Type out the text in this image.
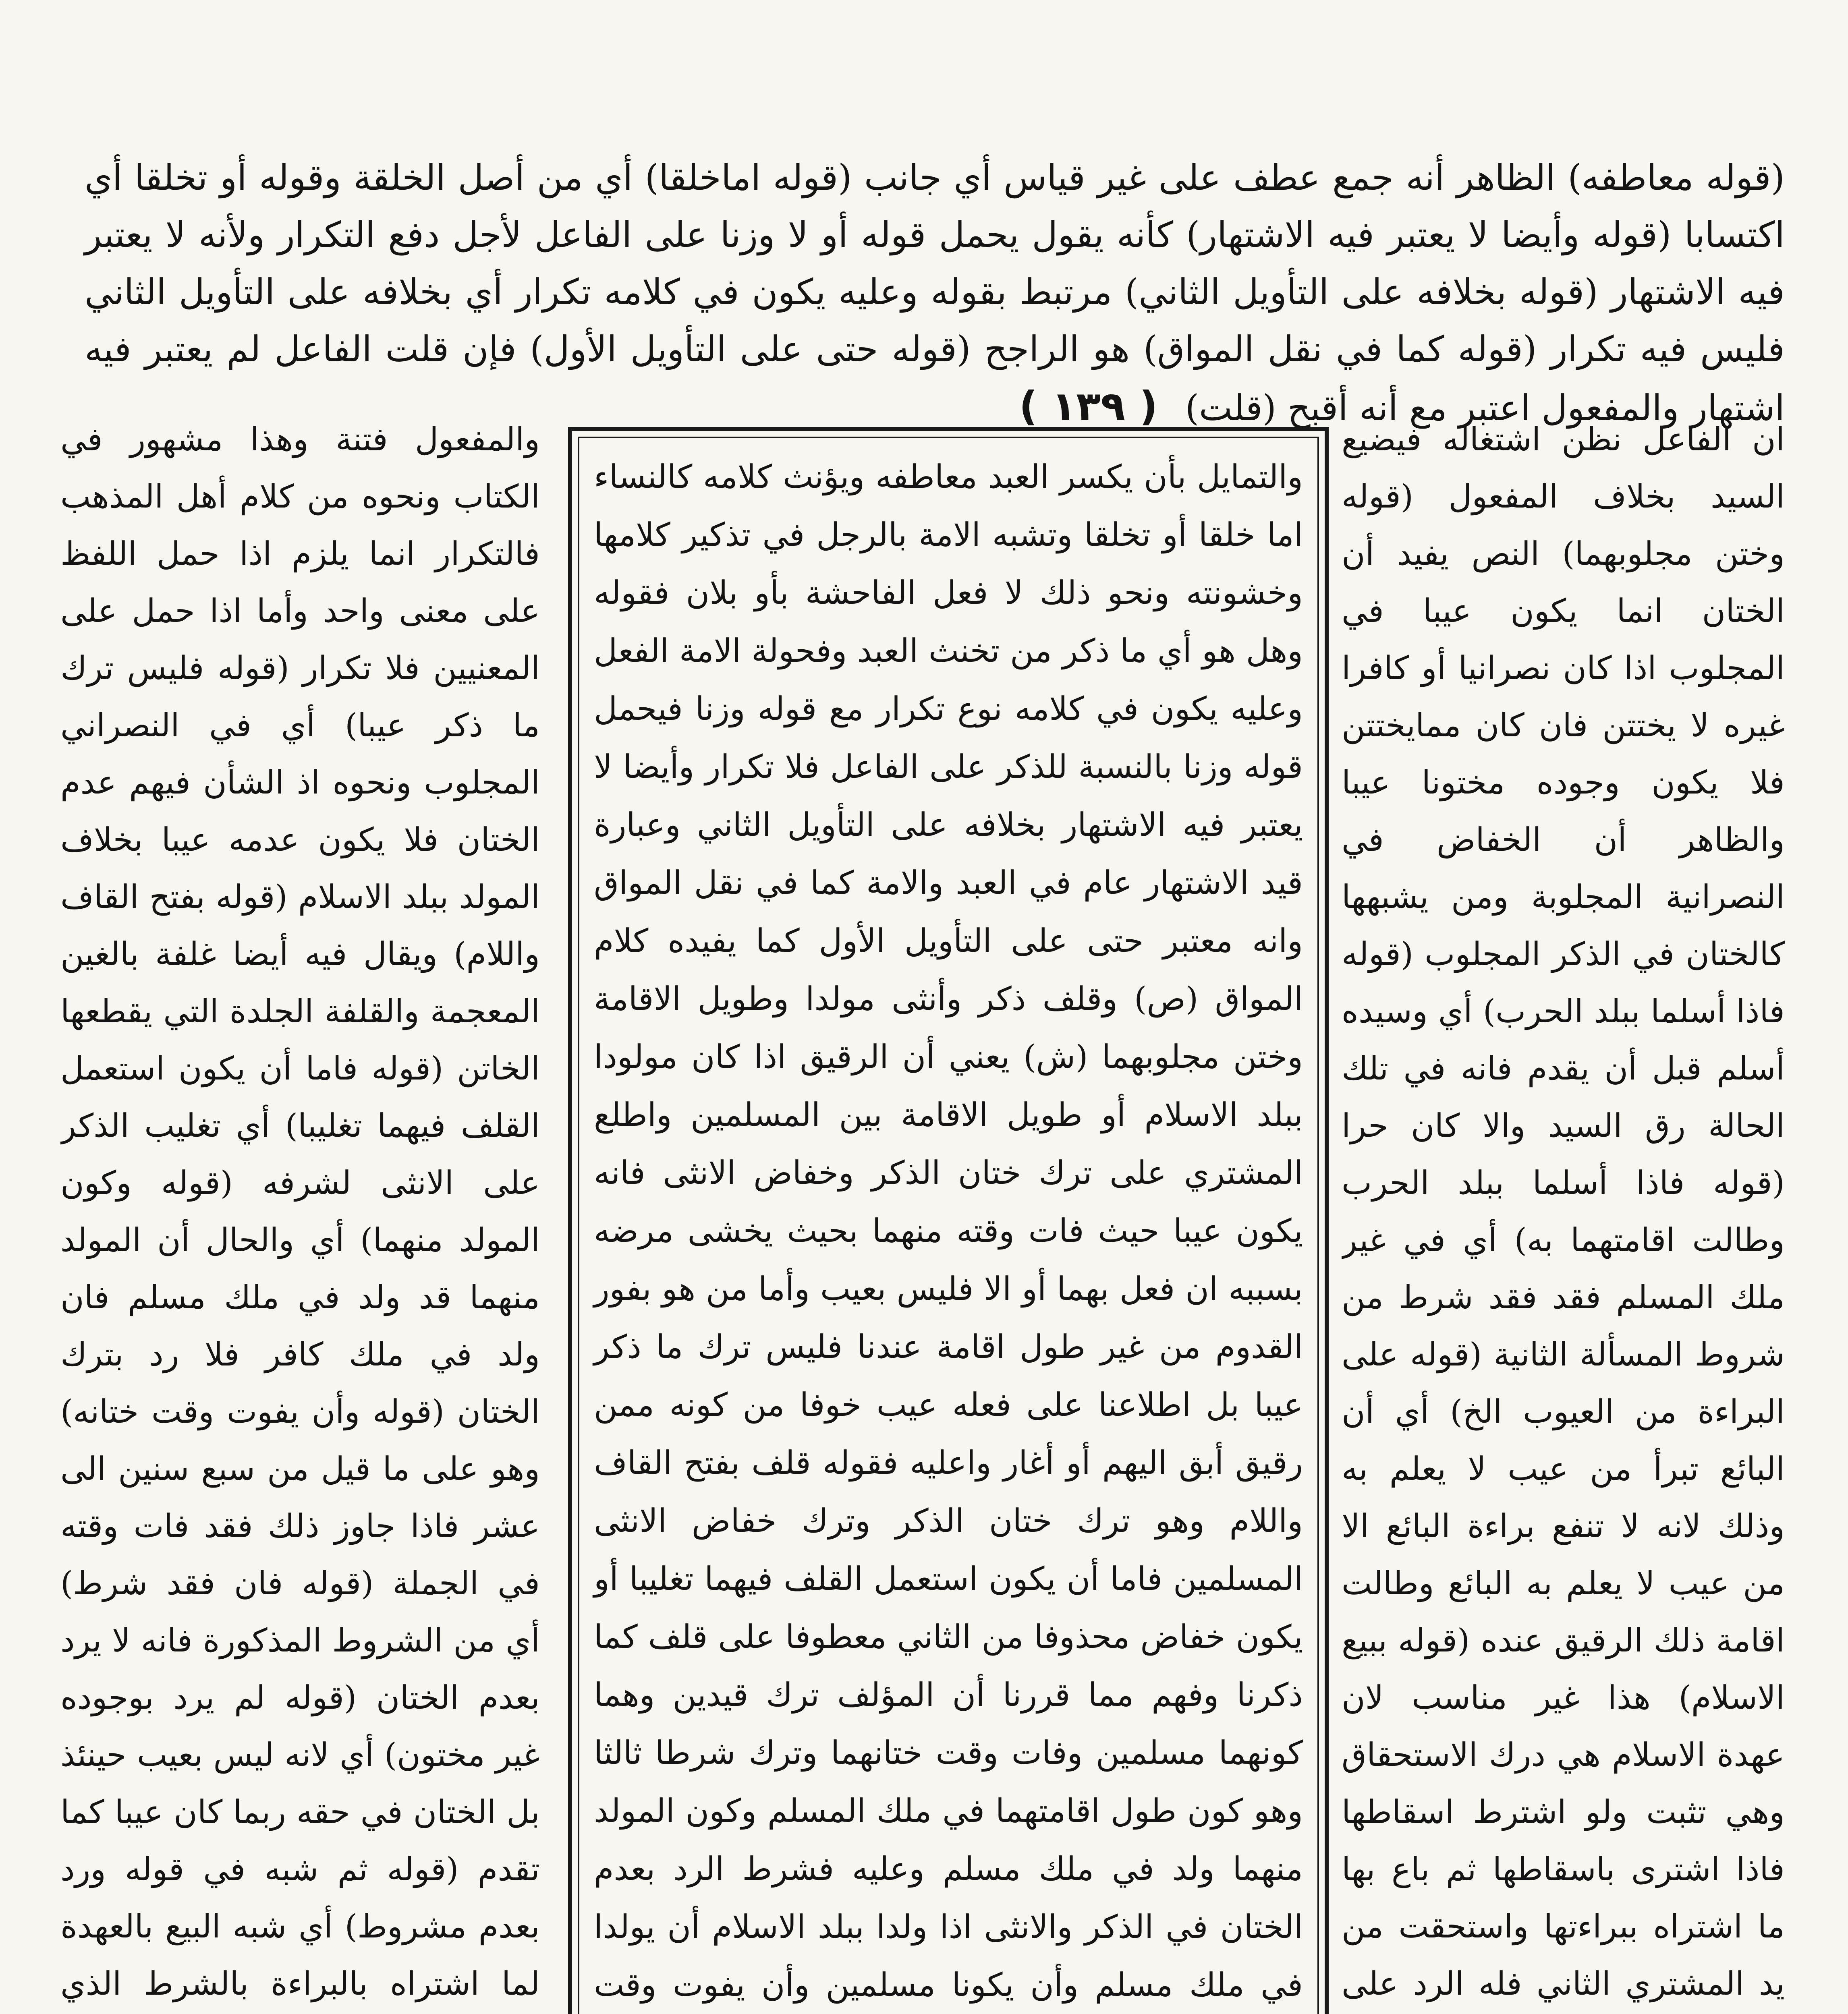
(قوله معاطفه) الظاهر أنه جمع عطف على غير قياس أي جانب (قوله اماخلقا) أي من أصل الخلقة وقوله أو تخلقا أي اكتسابا (قوله وأيضا لا يعتبر فيه الاشتهار) كأنه يقول يحمل قوله أو لا وزنا على الفاعل لأجل دفع التكرار ولأنه لا يعتبر فيه الاشتهار (قوله بخلافه على التأويل الثاني) مرتبط بقوله وعليه يكون في كلامه تكرار أي بخلافه على التأويل الثاني فليس فيه تكرار (قوله كما في نقل المواق) هو الراجح (قوله حتى على التأويل الأول) فإن قلت الفاعل لم يعتبر فيه اشتهار والمفعول اعتبر مع أنه أقبح (قلت) ( ۱۳۹ )

ان الفاعل نظن اشتغاله فيضيع السيد بخلاف المفعول (قوله وختن مجلوبهما) النص يفيد أن الختان انما يكون عيبا في المجلوب اذا كان نصرانيا أو كافرا غيره لا يختتن فان كان ممايختتن فلا يكون وجوده مختونا عيبا والظاهر أن الخفاض في النصرانية المجلوبة ومن يشبهها كالختان في الذكر المجلوب (قوله فاذا أسلما ببلد الحرب) أي وسيده أسلم قبل أن يقدم فانه في تلك الحالة رق السيد والا كان حرا (قوله فاذا أسلما ببلد الحرب وطالت اقامتهما به) أي في غير ملك المسلم فقد فقد شرط من شروط المسألة الثانية (قوله على البراءة من العيوب الخ) أي أن البائع تبرأ من عيب لا يعلم به وذلك لانه لا تنفع براءة البائع الا من عيب لا يعلم به البائع وطالت اقامة ذلك الرقيق عنده (قوله ببيع الاسلام) هذا غير مناسب لان عهدة الاسلام هي درك الاستحقاق وهي تثبت ولو اشترط اسقاطها فاذا اشترى باسقاطها ثم باع بها ما اشتراه ببراءتها واستحقت من يد المشتري الثاني فله الرد على

والتمايل بأن يكسر العبد معاطفه ويؤنث كلامه كالنساء اما خلقا أو تخلقا وتشبه الامة بالرجل في تذكير كلامها وخشونته ونحو ذلك لا فعل الفاحشة بأو بلان فقوله وهل هو أي ما ذكر من تخنث العبد وفحولة الامة الفعل وعليه يكون في كلامه نوع تكرار مع قوله وزنا فيحمل قوله وزنا بالنسبة للذكر على الفاعل فلا تكرار وأيضا لا يعتبر فيه الاشتهار بخلافه على التأويل الثاني وعبارة قيد الاشتهار عام في العبد والامة كما في نقل المواق وانه معتبر حتى على التأويل الأول كما يفيده كلام المواق (ص) وقلف ذكر وأنثى مولدا وطويل الاقامة وختن مجلوبهما (ش) يعني أن الرقيق اذا كان مولودا ببلد الاسلام أو طويل الاقامة بين المسلمين واطلع المشتري على ترك ختان الذكر وخفاض الانثى فانه يكون عيبا حيث فات وقته منهما بحيث يخشى مرضه بسببه ان فعل بهما أو الا فليس بعيب وأما من هو بفور القدوم من غير طول اقامة عندنا فليس ترك ما ذكر عيبا بل اطلاعنا على فعله عيب خوفا من كونه ممن رقيق أبق اليهم أو أغار واعليه فقوله قلف بفتح القاف واللام وهو ترك ختان الذكر وترك خفاض الانثى المسلمين فاما أن يكون استعمل القلف فيهما تغليبا أو يكون خفاض محذوفا من الثاني معطوفا على قلف كما ذكرنا وفهم مما قررنا أن المؤلف ترك قيدين وهما كونهما مسلمين وفات وقت ختانهما وترك شرطا ثالثا وهو كون طول اقامتهما في ملك المسلم وكون المولد منهما ولد في ملك مسلم وعليه فشرط الرد بعدم الختان في الذكر والانثى اذا ولدا ببلد الاسلام أن يولدا في ملك مسلم وأن يكونا مسلمين وأن يفوت وقت

والمفعول فتنة وهذا مشهور في الكتاب ونحوه من كلام أهل المذهب فالتكرار انما يلزم اذا حمل اللفظ على معنى واحد وأما اذا حمل على المعنيين فلا تكرار (قوله فليس ترك ما ذكر عيبا) أي في النصراني المجلوب ونحوه اذ الشأن فيهم عدم الختان فلا يكون عدمه عيبا بخلاف المولد ببلد الاسلام (قوله بفتح القاف واللام) ويقال فيه أيضا غلفة بالغين المعجمة والقلفة الجلدة التي يقطعها الخاتن (قوله فاما أن يكون استعمل القلف فيهما تغليبا) أي تغليب الذكر على الانثى لشرفه (قوله وكون المولد منهما) أي والحال أن المولد منهما قد ولد في ملك مسلم فان ولد في ملك كافر فلا رد بترك الختان (قوله وأن يفوت وقت ختانه) وهو على ما قيل من سبع سنين الى عشر فاذا جاوز ذلك فقد فات وقته في الجملة (قوله فان فقد شرط) أي من الشروط المذكورة فانه لا يرد بعدم الختان (قوله لم يرد بوجوده غير مختون) أي لانه ليس بعيب حينئذ بل الختان في حقه ربما كان عيبا كما تقدم (قوله ثم شبه في قوله ورد بعدم مشروط) أي شبه البيع بالعهدة لما اشتراه بالبراءة بالشرط الذي
